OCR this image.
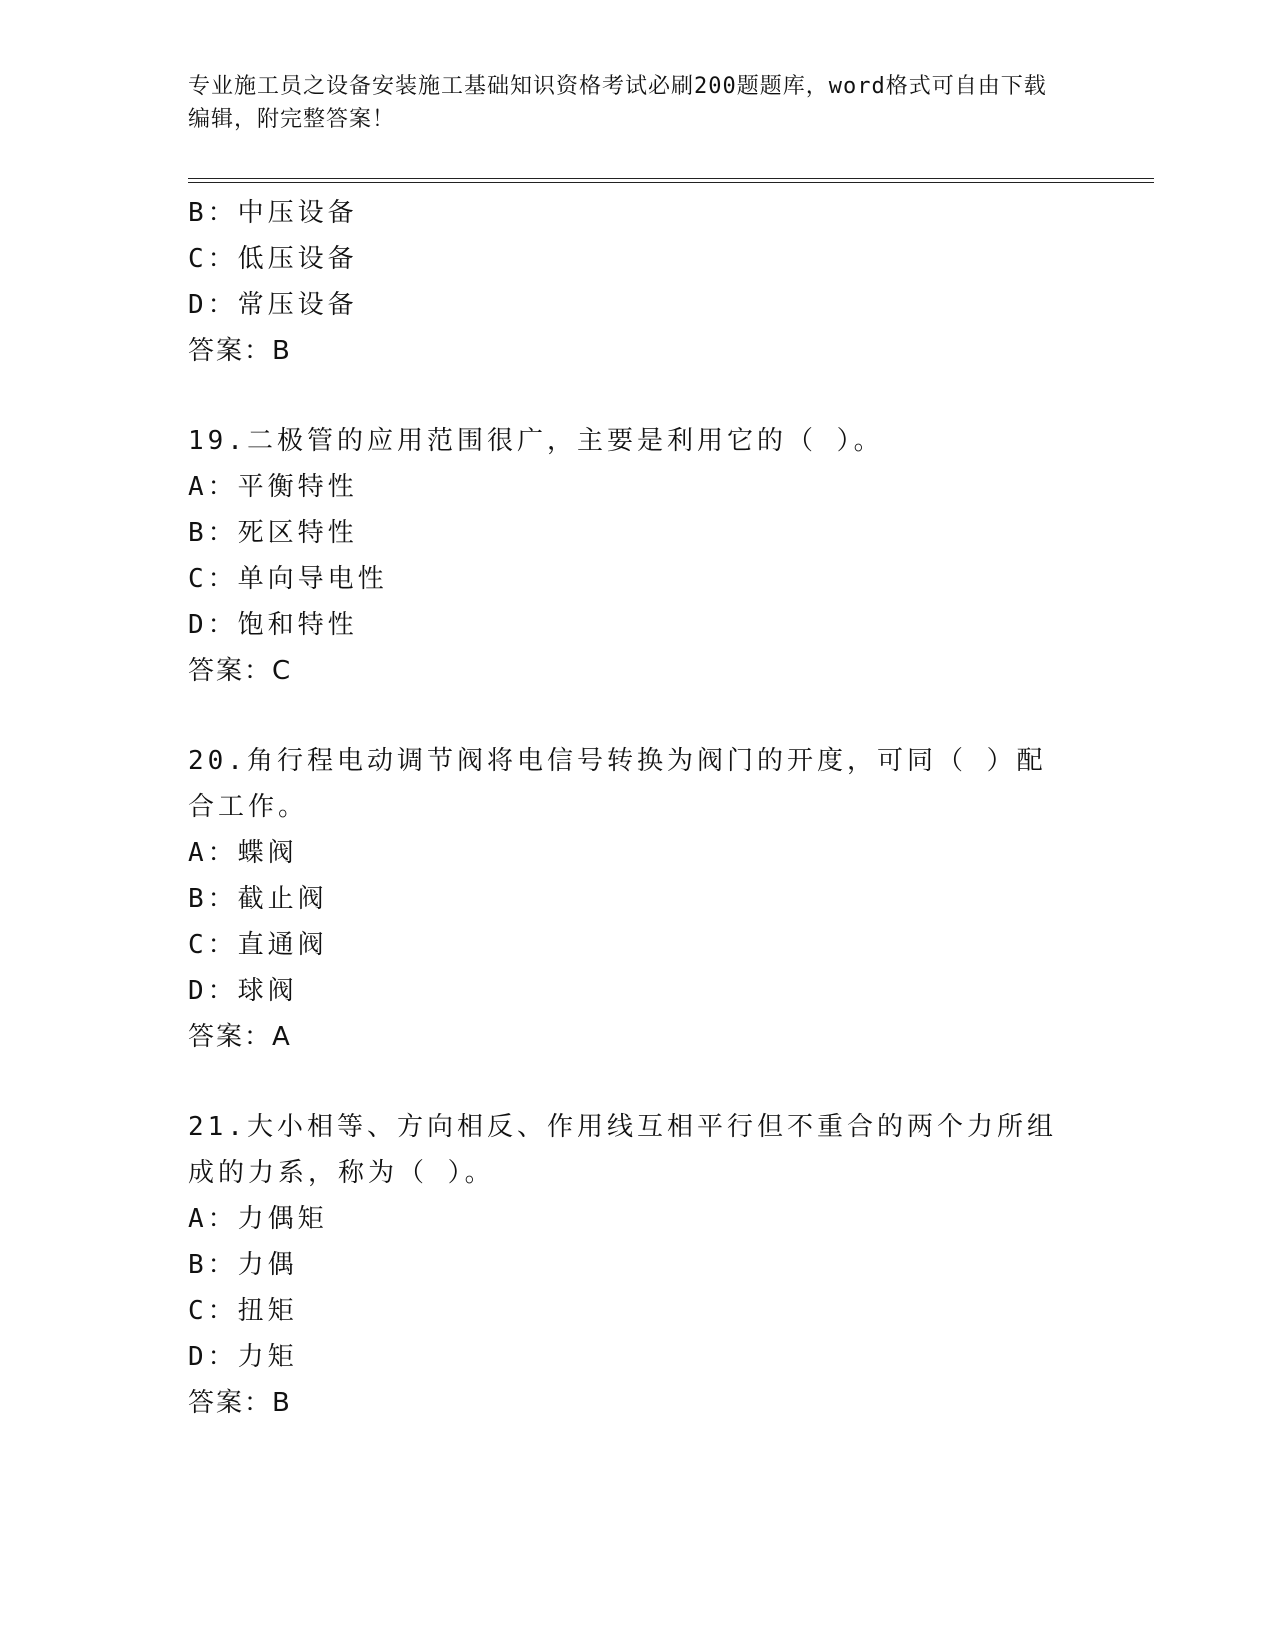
专业施工员之设备安装施工基础知识资格考试必刷200题题库，word格式可自由下载编辑，附完整答案！
B：中压设备
C：低压设备
D：常压设备
答案：B
19.二极管的应用范围很广，主要是利用它的（ ）。
A：平衡特性
B：死区特性
C：单向导电性
D：饱和特性
答案：C
20.角行程电动调节阀将电信号转换为阀门的开度，可同（ ）配合工作。
A：蝶阀
B：截止阀
C：直通阀
D：球阀
答案：A
21.大小相等、方向相反、作用线互相平行但不重合的两个力所组成的力系，称为（ ）。
A：力偶矩
B：力偶
C：扭矩
D：力矩
答案：B
